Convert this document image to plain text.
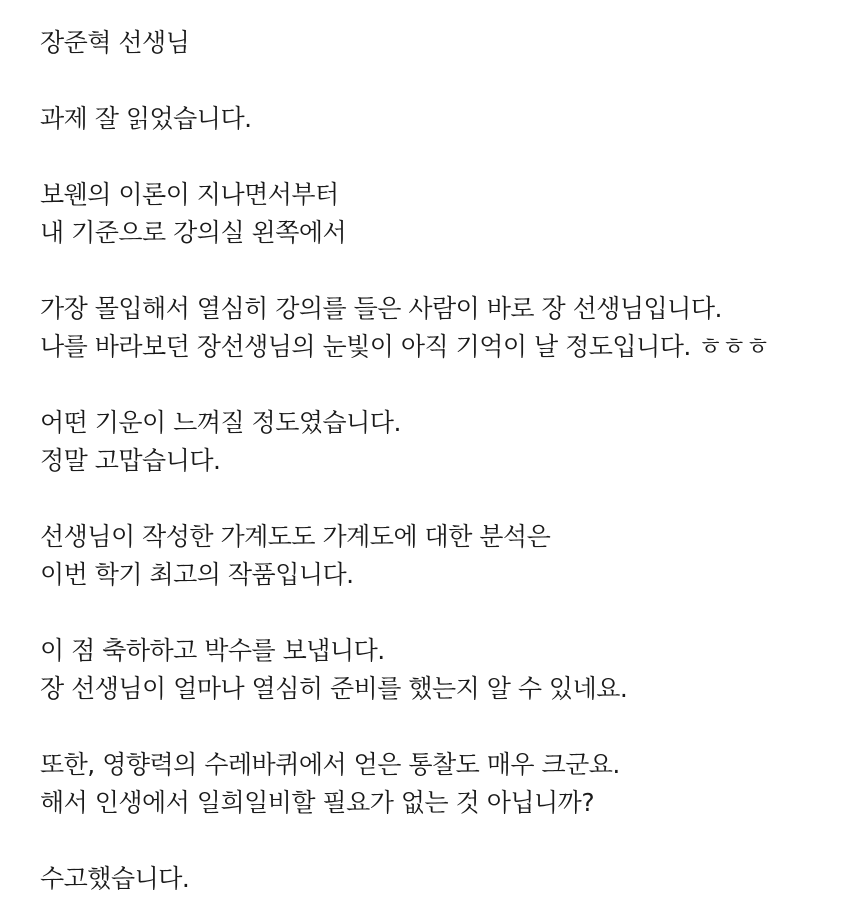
장준혁 선생님
과제 잘 읽었습니다.
보웬의 이론이 지나면서부터
내 기준으로 강의실 왼쪽에서
가장 몰입해서 열심히 강의를 들은 사람이 바로 장 선생님입니다.
나를 바라보던 장선생님의 눈빛이 아직 기억이 날 정도입니다. ㅎㅎㅎ
어떤 기운이 느껴질 정도였습니다.
정말 고맙습니다.
선생님이 작성한 가계도도 가계도에 대한 분석은
이번 학기 최고의 작품입니다.
이 점 축하하고 박수를 보냅니다.
장 선생님이 얼마나 열심히 준비를 했는지 알 수 있네요.
또한, 영향력의 수레바퀴에서 얻은 통찰도 매우 크군요.
해서 인생에서 일희일비할 필요가 없는 것 아닙니까?
수고했습니다.
